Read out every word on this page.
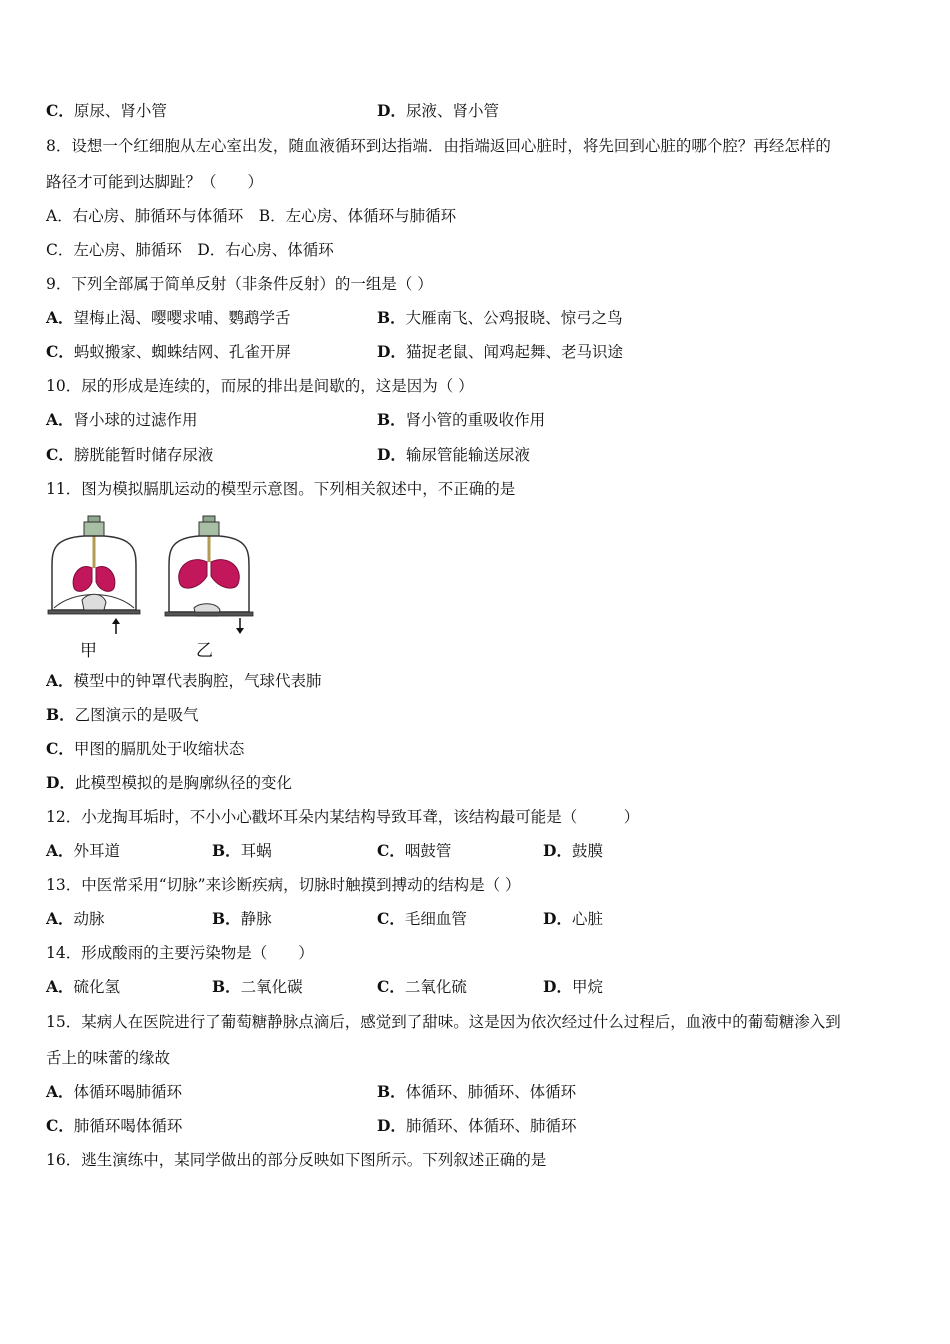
C．原尿、肾小管	D．尿液、肾小管
8．设想一个红细胞从左心室出发，随血液循环到达指端．由指端返回心脏时，将先回到心脏的哪个腔？再经怎样的
路径才可能到达脚趾？（　　）
A．右心房、肺循环与体循环　B．左心房、体循环与肺循环
C．左心房、肺循环　D．右心房、体循环
9．下列全部属于简单反射（非条件反射）的一组是（ ）
A．望梅止渴、嘤嘤求哺、鹦鹉学舌	B．大雁南飞、公鸡报晓、惊弓之鸟
C．蚂蚁搬家、蜘蛛结网、孔雀开屏	D．猫捉老鼠、闻鸡起舞、老马识途
10．尿的形成是连续的，而尿的排出是间歇的，这是因为（ ）
A．肾小球的过滤作用	B．肾小管的重吸收作用
C．膀胱能暂时储存尿液	D．输尿管能输送尿液
11．图为模拟膈肌运动的模型示意图。下列相关叙述中，不正确的是
甲	乙
A．模型中的钟罩代表胸腔，气球代表肺
B．乙图演示的是吸气
C．甲图的膈肌处于收缩状态
D．此模型模拟的是胸廓纵径的变化
12．小龙掏耳垢时，不小小心戳坏耳朵内某结构导致耳聋，该结构最可能是（　　　）
A．外耳道	B．耳蜗	C．咽鼓管	D．鼓膜
13．中医常采用“切脉”来诊断疾病，切脉时触摸到搏动的结构是（ ）
A．动脉	B．静脉	C．毛细血管	D．心脏
14．形成酸雨的主要污染物是（　　）
A．硫化氢	B．二氧化碳	C．二氧化硫	D．甲烷
15．某病人在医院进行了葡萄糖静脉点滴后，感觉到了甜味。这是因为依次经过什么过程后，血液中的葡萄糖渗入到
舌上的味蕾的缘故
A．体循环喝肺循环	B．体循环、肺循环、体循环
C．肺循环喝体循环	D．肺循环、体循环、肺循环
16．逃生演练中，某同学做出的部分反映如下图所示。下列叙述正确的是
